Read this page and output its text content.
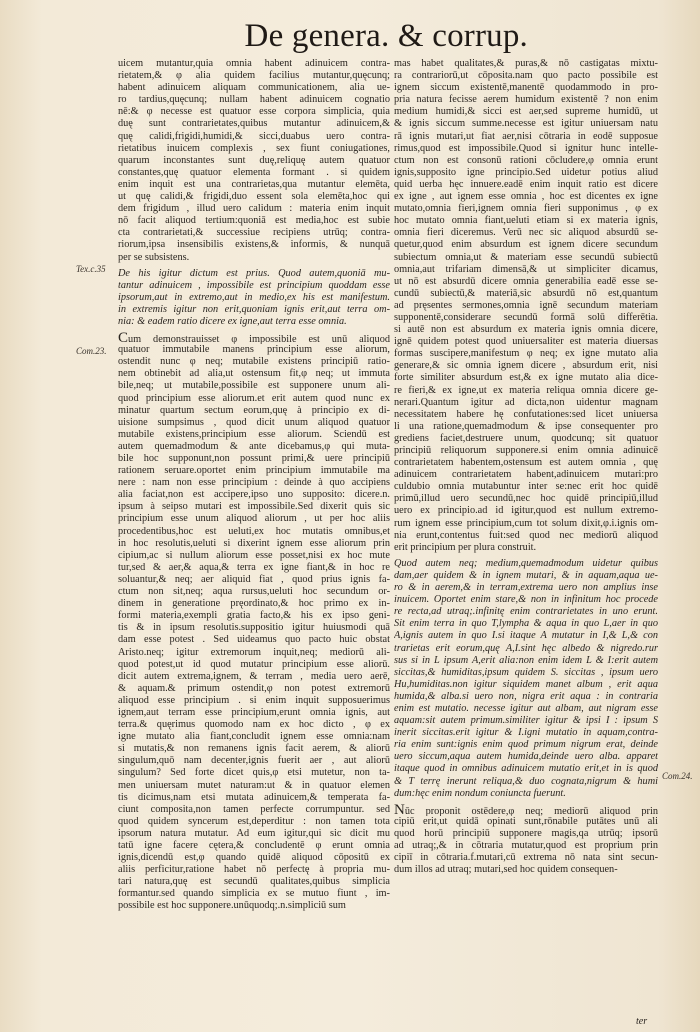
De genera. & corrup.
Tex.c.35
Com.23.
Com.24.
uicem mutantur,quia omnia habent adinuicem contra-
rietatem,& φ alia quidem facilius mutantur,quęcunq;
habent adinuicem aliquam communicationem, alia ue-
ro tardius,quęcunq; nullam habent adinuicem cognatio
nē:& φ necesse est quatuor esse corpora simplicia, quia
duę sunt contrarietates,quibus mutantur adinuicem,&
quę calidi,frigidi,humidi,& sicci,duabus uero contra-
rietatibus inuicem complexis , sex fiunt coniugationes,
quarum inconstantes sunt duę,reliquę autem quatuor
constantes,quę quatuor elementa formant . si quidem
enim inquit est una contrarietas,qua mutantur elemēta,
ut quę calidi,& frigidi,duo essent sola elemēta,hoc qui
dem frigidum , illud uero calidum : materia enim inquit
nō facit aliquod tertium:quoniā est media,hoc est subie
cta contrarietati,& successiue recipiens utrūq; contra-
riorum,ipsa insensibilis existens,& informis, & nunquā
per se subsistens.
De his igitur dictum est prius. Quod autem,quoniā mu-
tantur adinuicem , impossibile est principium quoddam esse
ipsorum,aut in extremo,aut in medio,ex his est manifestum.
in extremis igitur non erit,quoniam ignis erit,aut terra om-
nia: & eadem ratio dicere ex igne,aut terra esse omnia.
Cum demonstrauisset φ impossibile est unū aliquod
quatuor immutabile manens principium esse aliorum,
ostendit nunc φ neq; mutabile existens principiū ratio-
nem obtinebit ad alia,ut ostensum fit,φ neq; ut immuta
bile,neq; ut mutabile,possibile est supponere unum ali-
quod principium esse aliorum.et erit autem quod nunc ex
minatur quartum sectum eorum,quę à principio ex di-
uisione sumpsimus , quod dicit unum aliquod quatuor
mutabile existens,principium esse aliorum. Sciendū est
autem quemadmodum & ante dicebamus,φ qui muta-
bile hoc supponunt,non possunt primi,& uere principiū
rationem seruare.oportet enim principium immutabile ma
nere : nam non esse principium : deinde à quo accipiens
alia faciat,non est accipere,ipso uno supposito: dicere.n.
ipsum à seipso mutari est impossibile.Sed dixerit quis sic
principium esse unum aliquod aliorum , ut per hoc aliis
procedentibus,hoc est ueluti,ex hoc mutatis omnibus,et
in hoc resolutis,ueluti si dixerint ignem esse aliorum prin
cipium,ac si nullum aliorum esse posset,nisi ex hoc mute
tur,sed & aer,& aqua,& terra ex igne fiant,& in hoc re
soluantur,& neq; aer aliquid fiat , quod prius ignis fa-
ctum non sit,neq; aqua rursus,ueluti hoc secundum or-
dinem in generatione pręordinato,& hoc primo ex in-
formi materia,exempli gratia facto,& his ex ipso geni-
tis & in ipsum resolutis.suppositio igitur huiusmodi quā
dam esse potest . Sed uideamus quo pacto huic obstat
Aristo.neq; igitur extremorum inquit,neq; mediorū ali-
quod potest,ut id quod mutatur principium esse aliorū.
dicit autem extrema,ignem, & terram , media uero aerē,
& aquam.& primum ostendit,φ non potest extremorū
aliquod esse principium . si enim inquit supposuerimus
ignem,aut terram esse principium,erunt omnia ignis, aut
terra.& quęrimus quomodo nam ex hoc dicto , φ ex
igne mutato alia fiant,concludit ignem esse omnia:nam
si mutatis,& non remanens ignis facit aerem, & aliorū
singulum,quō nam decenter,ignis fuerit aer , aut aliorū
singulum? Sed forte dicet quis,φ etsi mutetur, non ta-
men uniuersam mutet naturam:ut & in quatuor elemen
tis dicimus,nam etsi mutata adinuicem,& temperata fa-
ciunt composita,non tamen perfecte corrumpuntur. sed
quod quidem syncerum est,deperditur : non tamen tota
ipsorum natura mutatur. Ad eum igitur,qui sic dicit mu
tatū igne facere cętera,& concludentē φ erunt omnia
ignis,dicendū est,φ quando quidē aliquod cōpositū ex
aliis perficitur,ratione habet nō perfectę à propria mu-
tari natura,quę est secundū qualitates,quibus simplicia
formantur.sed quando simplicia ex se mutuo fiunt , im-
possibile est hoc supponere.unūquodq;.n.simpliciū sum
mas habet qualitates,& puras,& nō castigatas mixtu-
ra contrariorū,ut cōposita.nam quo pacto possibile est
ignem siccum existentē,manentē quodammodo in pro-
pria natura fecisse aerem humidum existentē ? non enim
medium humidi,& sicci est aer,sed supreme humidū, ut
& ignis siccum summe.necesse est igitur uniuersam natu
rā ignis mutari,ut fiat aer,nisi cōtraria in eodē supposue
rimus,quod est impossibile.Quod si ignitur hunc intelle-
ctum non est consonū rationi cōcludere,φ omnia erunt
ignis,supposito igne principio.Sed uidetur potius aliud
quid uerba hęc innuere.eadē enim inquit ratio est dicere
ex igne , aut ignem esse omnia , hoc est dicentes ex igne
mutato,omnia fieri,ignem omnia fieri supponimus , φ ex
hoc mutato omnia fiant,ueluti etiam si ex materia ignis,
omnia fieri diceremus. Verū nec sic aliquod absurdū se-
quetur,quod enim absurdum est ignem dicere secundum
subiectum omnia,ut & materiam esse secundū subiectū
omnia,aut trifariam dimensā,& ut simpliciter dicamus,
ut nō est absurdū dicere omnia generabilia eadē esse se-
cundū subiectū,& materiā,sic absurdū nō est,quantum
ad pręsentes sermones,omnia ignē secundum materiam
supponentē,considerare secundū formā solū differētia.
si autē non est absurdum ex materia ignis omnia dicere,
ignē quidem potest quod uniuersaliter est materia diuersas
formas suscipere,manifestum φ neq; ex igne mutato alia
generare,& sic omnia ignem dicere , absurdum erit, nisi
forte similiter absurdum est,& ex igne mutato alia dice-
re fieri,& ex igne,ut ex materia reliqua omnia dicere ge-
nerari.Quantum igitur ad dicta,non uidentur magnam
necessitatem habere hę confutationes:sed licet uniuersa
li una ratione,quemadmodum & ipse consequenter pro
grediens faciet,destruere unum, quodcunq; sit quatuor
principiū reliquorum supponere.si enim omnia adinuicē
contrarietatem habentem,ostensum est autem omnia , quę
adinuicem contrarietatem habent,adinuicem mutari:pro
culdubio omnia mutabuntur inter se:nec erit hoc quidē
primū,illud uero secundū,nec hoc quidē principiū,illud
uero ex principio.ad id igitur,quod est nullum extremo-
rum ignem esse principium,cum tot solum dixit,φ.i.ignis om-
nia erunt,contentus fuit:sed quod nec mediorū aliquod
erit principium per plura construit.
Quod autem neq; medium,quemadmodum uidetur quibus
dam,aer quidem & in ignem mutari, & in aquam,aqua ue-
ro & in aerem,& in terram,extrema uero non amplius inse
inuicem. Oportet enim stare,& non in infinitum hoc procede
re recta,ad utraq;.infinitę enim contrarietates in uno erunt.
Sit enim terra in quo T,lympha & aqua in quo L,aer in quo
A,ignis autem in quo I.si itaque A mutatur in I,& L,& con
trarietas erit eorum,quę A,I.sint hęc albedo & nigredo.rur
sus si in L ipsum A,erit alia:non enim idem L & I:erit autem
siccitas,& humiditas,ipsum quidem S. siccitas , ipsum uero
Hu,humiditas.non igitur siquidem manet album , erit aqua
humida,& alba.si uero non, nigra erit aqua : in contraria
enim est mutatio. necesse igitur aut albam, aut nigram esse
aquam:sit autem primum.similiter igitur & ipsi I : ipsum S
inerit siccitas.erit igitur & I.igni mutatio in aquam,contra-
ria enim sunt:ignis enim quod primum nigrum erat, deinde
uero siccum,aqua autem humida,deinde uero alba. apparet
itaque quod in omnibus adinuicem mutatio erit,et in is quod
& T terrę inerunt reliqua,& duo cognata,nigrum & humi
dum:hęc enim nondum coniuncta fuerunt.
Nūc proponit ostēdere,φ neq; mediorū aliquod prin
cipiū erit,ut quidā opinati sunt,rōnabile putātes unū ali
quod horū principiū supponere magis,qa utrūq; ipsorū
ad utraq;,& in cōtraria mutatur,quod est proprium prin
cipiī in cōtraria.f.mutari,cū extrema nō nata sint secun-
dum illos ad utraq; mutari,sed hoc quidem consequen-
ter
